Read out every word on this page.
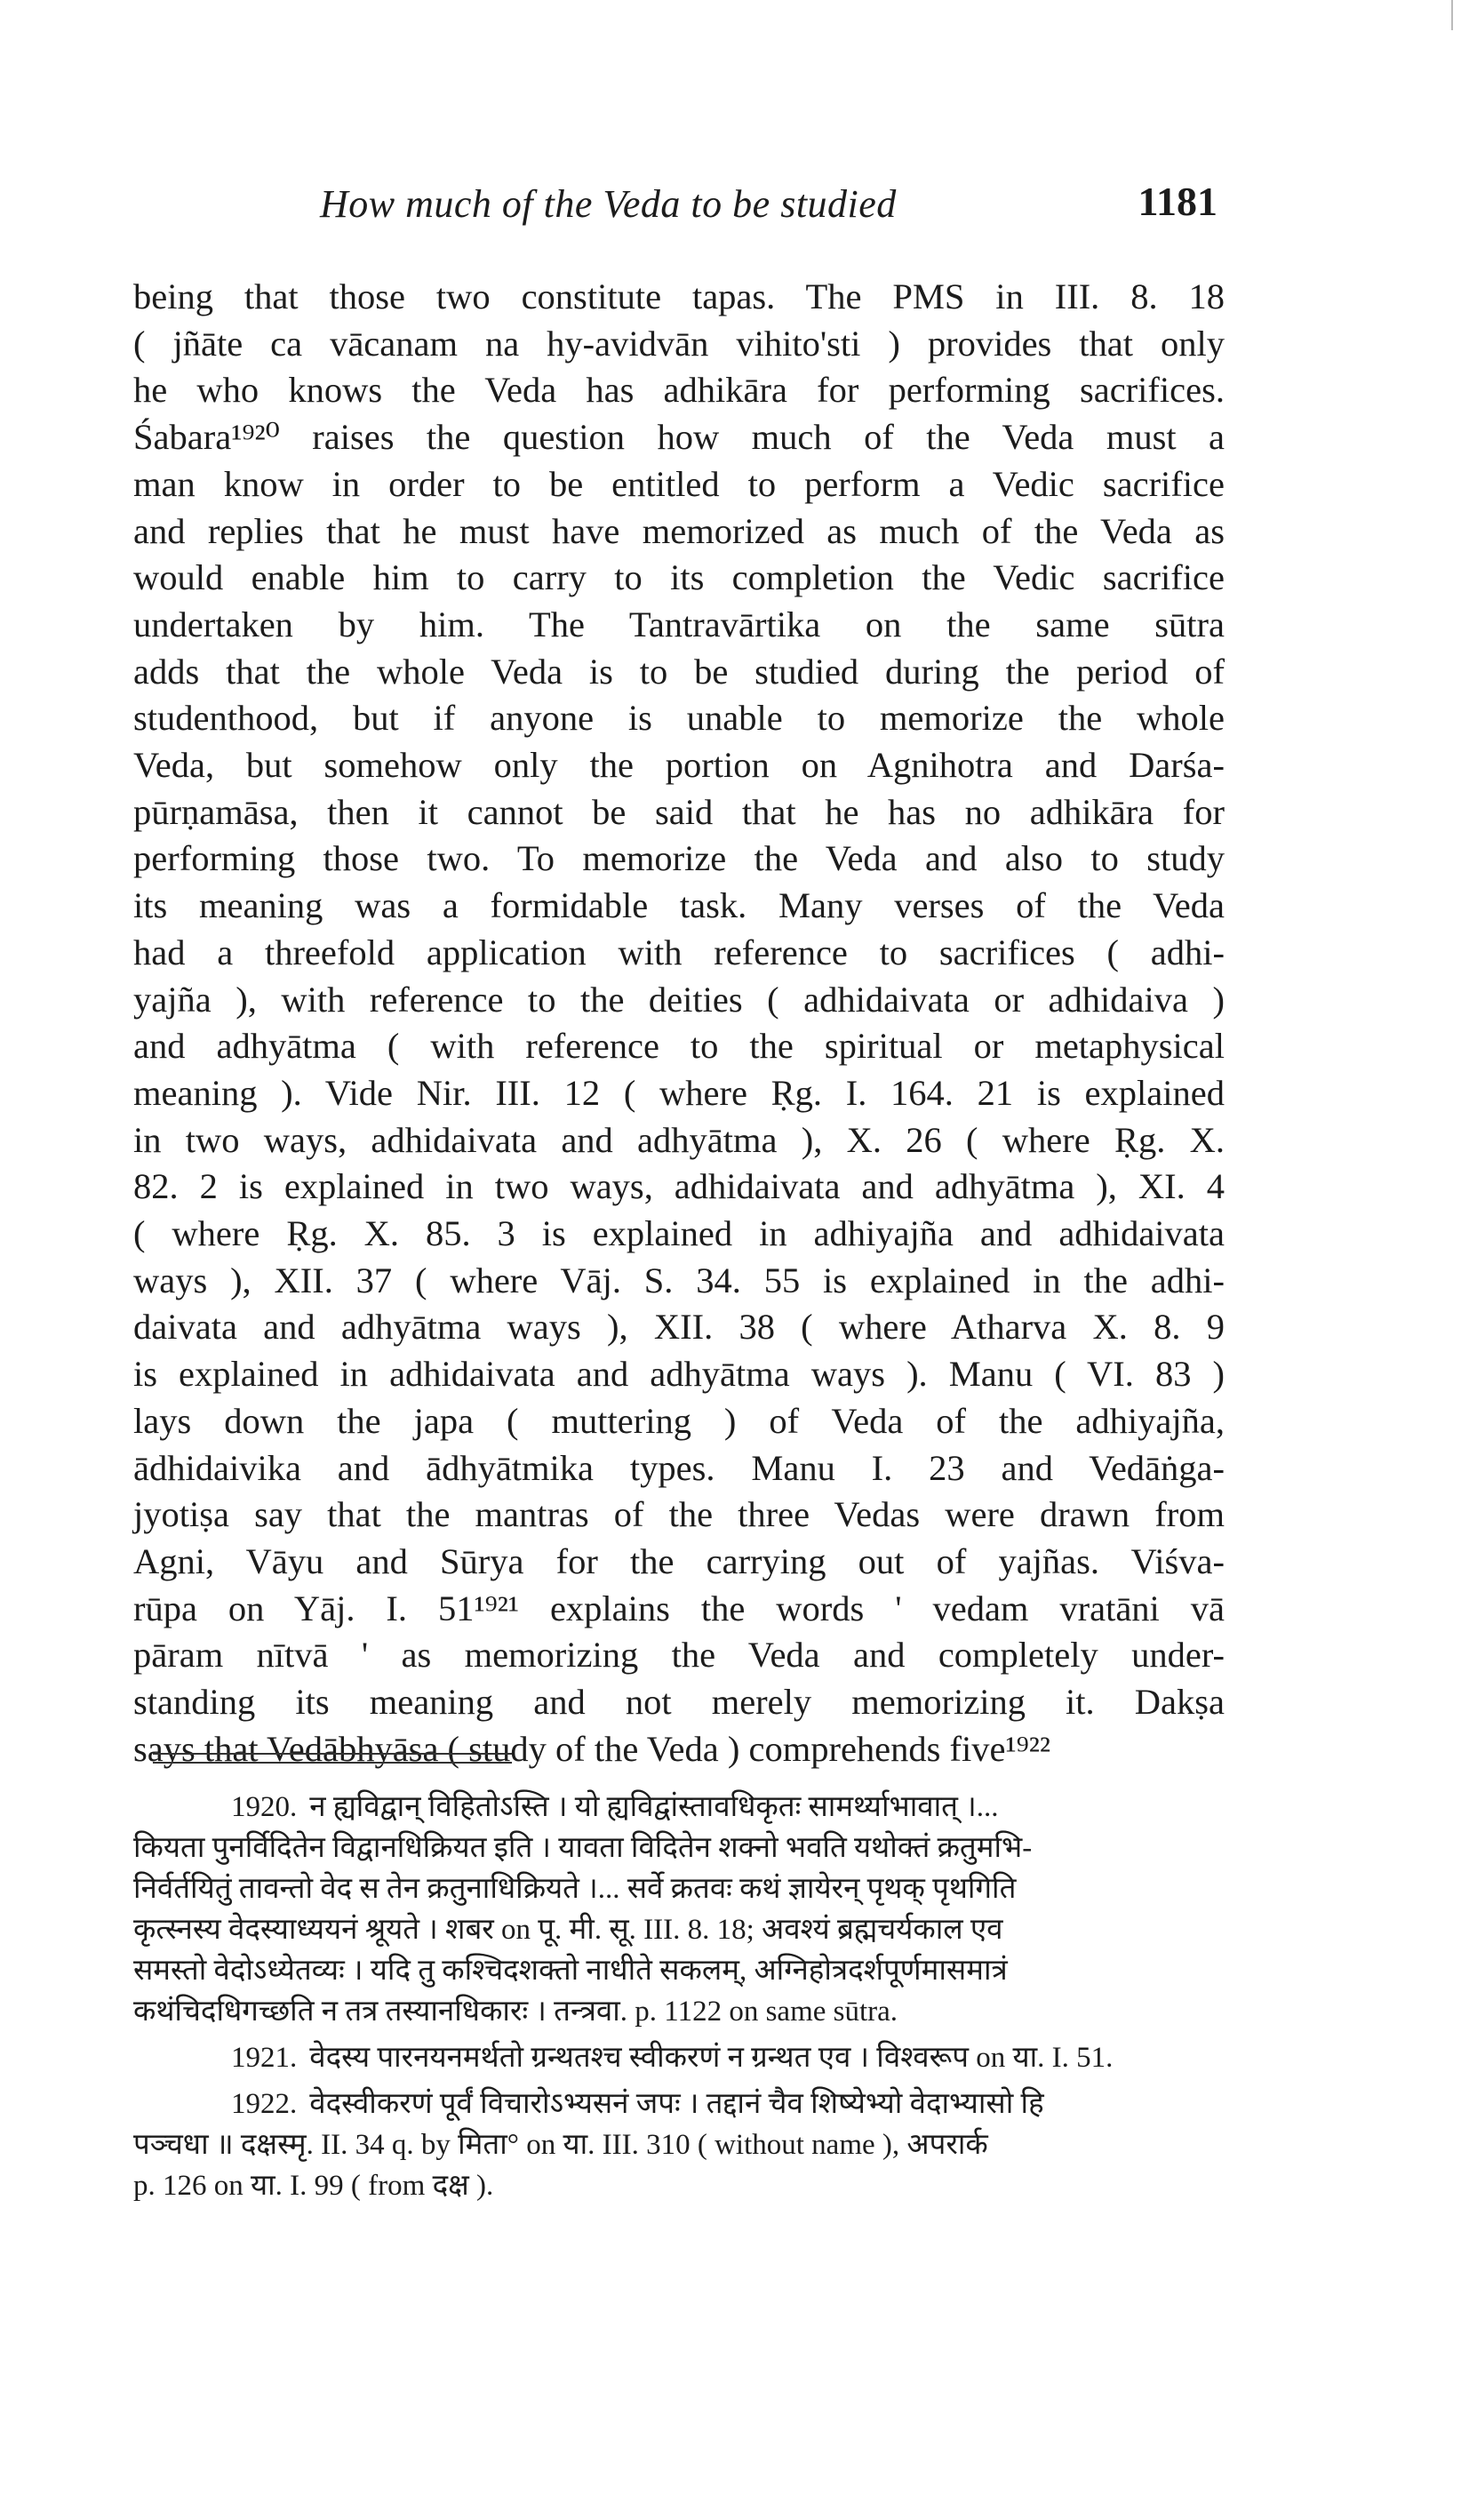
How much of the Veda to be studied	1181
being that those two constitute tapas. The PMS in III. 8. 18
( jñāte ca vācanam na hy-avidvān vihito'sti ) provides that only
he who knows the Veda has adhikāra for performing sacrifices.
Śabara¹⁹²⁰ raises the question how much of the Veda must a
man know in order to be entitled to perform a Vedic sacrifice
and replies that he must have memorized as much of the Veda as
would enable him to carry to its completion the Vedic sacrifice
undertaken by him. The Tantravārtika on the same sūtra
adds that the whole Veda is to be studied during the period of
studenthood, but if anyone is unable to memorize the whole
Veda, but somehow only the portion on Agnihotra and Darśa-
pūrṇamāsa, then it cannot be said that he has no adhikāra for
performing those two. To memorize the Veda and also to study
its meaning was a formidable task. Many verses of the Veda
had a threefold application with reference to sacrifices ( adhi-
yajña ), with reference to the deities ( adhidaivata or adhidaiva )
and adhyātma ( with reference to the spiritual or metaphysical
meaning ). Vide Nir. III. 12 ( where Ṛg. I. 164. 21 is explained
in two ways, adhidaivata and adhyātma ), X. 26 ( where Ṛg. X.
82. 2 is explained in two ways, adhidaivata and adhyātma ), XI. 4
( where Ṛg. X. 85. 3 is explained in adhiyajña and adhidaivata
ways ), XII. 37 ( where Vāj. S. 34. 55 is explained in the adhi-
daivata and adhyātma ways ), XII. 38 ( where Atharva X. 8. 9
is explained in adhidaivata and adhyātma ways ). Manu ( VI. 83 )
lays down the japa ( muttering ) of Veda of the adhiyajña,
ādhidaivika and ādhyātmika types. Manu I. 23 and Vedāṅga-
jyotiṣa say that the mantras of the three Vedas were drawn from
Agni, Vāyu and Sūrya for the carrying out of yajñas. Viśva-
rūpa on Yāj. I. 51¹⁹²¹ explains the words ' vedam vratāni vā
pāram nītvā ' as memorizing the Veda and completely under-
standing its meaning and not merely memorizing it. Dakṣa
says that Vedābhyāsa ( study of the Veda ) comprehends five¹⁹²²
1920. न ह्यविद्वान् विहितोऽस्ति । यो ह्यविद्वांस्तावधिकृतः सामर्थ्याभावात् ।...
कियता पुनर्विदितेन विद्वानधिक्रियत इति । यावता विदितेन शक्नो भवति यथोक्तं क्रतुमभि-
निर्वर्तयितुं तावन्तो वेद स तेन क्रतुनाधिक्रियते ।... सर्वे क्रतवः कथं ज्ञायेरन् पृथक् पृथगिति
कृत्स्नस्य वेदस्याध्ययनं श्रूयते । शबर on पू. मी. सू. III. 8. 18; अवश्यं ब्रह्मचर्यकाल एव
समस्तो वेदोऽध्येतव्यः । यदि तु कश्चिदशक्तो नाधीते सकलम्, अग्निहोत्रदर्शपूर्णमासमात्रं
कथंचिदधिगच्छति न तत्र तस्यानधिकारः । तन्त्रवा. p. 1122 on same sūtra.
1921. वेदस्य पारनयनमर्थतो ग्रन्थतश्च स्वीकरणं न ग्रन्थत एव । विश्वरूप on या. I. 51.
1922. वेदस्वीकरणं पूर्वं विचारोऽभ्यसनं जपः । तद्दानं चैव शिष्येभ्यो वेदाभ्यासो हि
पञ्चधा ॥ दक्षस्मृ. II. 34 q. by मिता° on या. III. 310 ( without name ), अपरार्क
p. 126 on या. I. 99 ( from दक्ष ).
